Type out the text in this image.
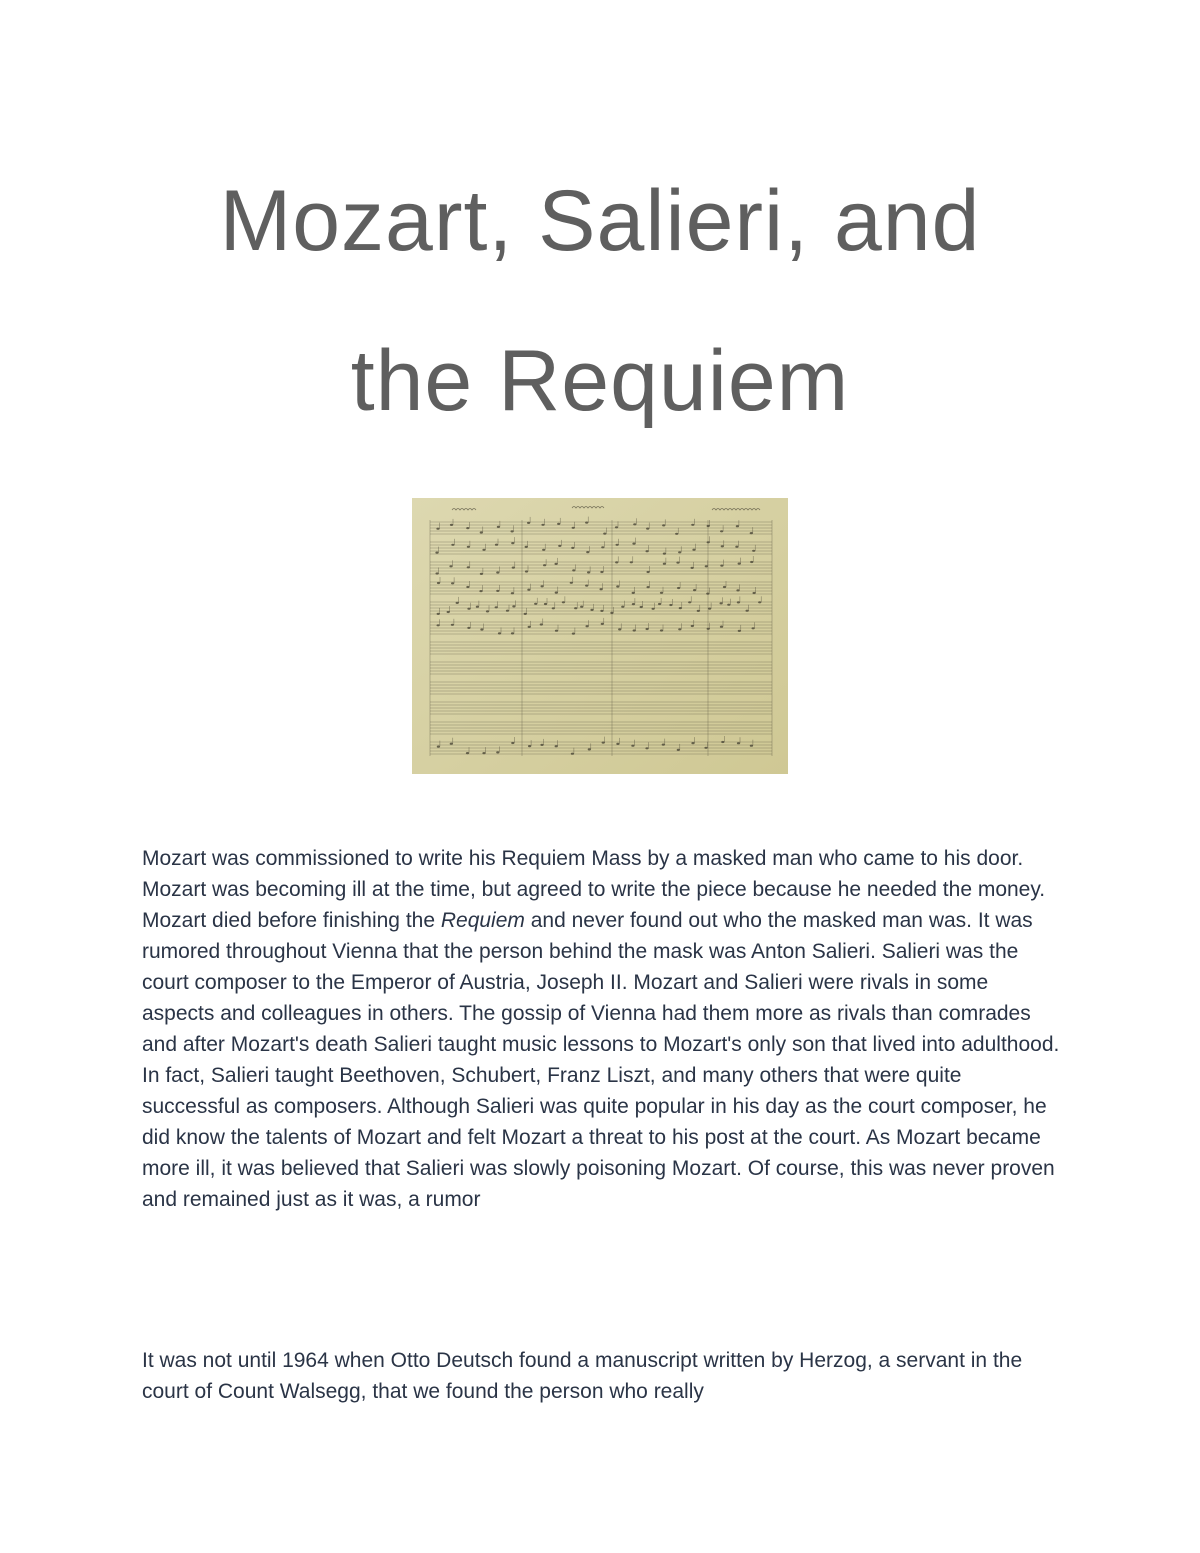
Mozart, Salieri, and
the Requiem

Mozart was commissioned to write his Requiem Mass by a masked man who came to his door. Mozart was becoming ill at the time, but agreed to write the piece because he needed the money. Mozart died before finishing the Requiem and never found out who the masked man was. It was rumored throughout Vienna that the person behind the mask was Anton Salieri. Salieri was the court composer to the Emperor of Austria, Joseph II. Mozart and Salieri were rivals in some aspects and colleagues in others. The gossip of Vienna had them more as rivals than comrades and after Mozart's death Salieri taught music lessons to Mozart's only son that lived into adulthood. In fact, Salieri taught Beethoven, Schubert, Franz Liszt, and many others that were quite successful as composers. Although Salieri was quite popular in his day as the court composer, he did know the talents of Mozart and felt Mozart a threat to his post at the court. As Mozart became more ill, it was believed that Salieri was slowly poisoning Mozart. Of course, this was never proven and remained just as it was, a rumor

It was not until 1964 when Otto Deutsch found a manuscript written by Herzog, a servant in the court of Count Walsegg, that we found the person who really
